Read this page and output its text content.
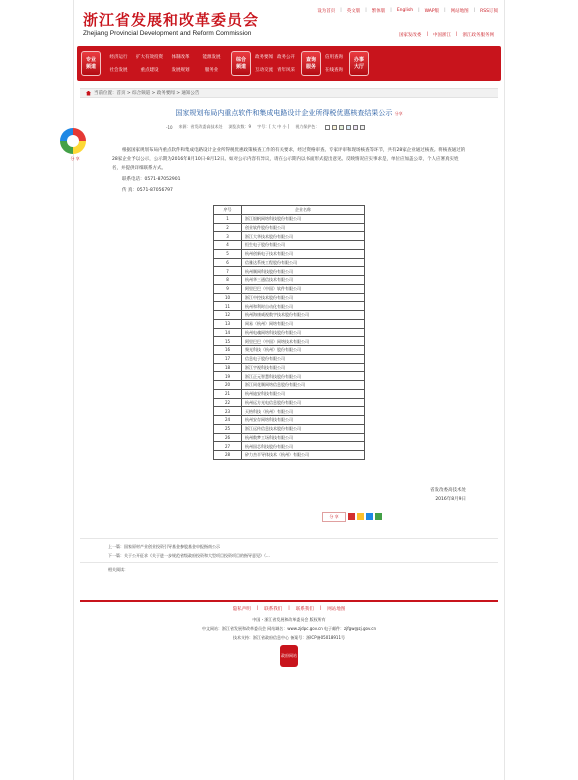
浙江省发展和改革委员会
Zhejiang Provincial Development and Reform Commission
设为首页 | 英文版 | 繁体版 | English | WAP版 | 网站地图 | RSS订阅
国家发改委 | 中国浙江 | 浙江政务服务网
专业
频道
经济运行	扩大有效投资	体制改革	能源发展
社会发展	重点建设	发展规划	服务业
综合
频道
政务要闻 政务公开
互动交流 青年风采
查询
服务
信用查询
在线查询
办事
大厅
当前位置：首页 > 综合频道 > 政务要闻 > 通知公告
国家规划布局内重点软件和集成电路设计企业所得税优惠核查结果公示 分享
-10 来源：省发改委高技术处 浏览次数：9 字号：[ 大 中 小 ] 视力保护色：
根据国家规划布局内重点软件和集成电路设计企业所得税优惠政策核查工作的有关要求，经过资格审查、专家评审和现场核查等环节，共有28家企业通过核查。将核查通过的28家企业予以公示，公示期为2016年8月10日-8月12日。如对公示内容有异议，请在公示期内以书面形式提出意见。反映情况应实事求是，单位应加盖公章，个人应署真实姓名，并提供详细联系方式。
联系电话：0571-87052901
传 真：0571-87056797
序号	企业名称
1	浙江银帆网络科技股份有限公司
2	创业软件股份有限公司
3	浙江大华技术股份有限公司
4	恒生电子股份有限公司
5	杭州创新电子技术有限公司
6	信雅达系统工程股份有限公司
7	杭州顺网科技股份有限公司
8	杭州华三通信技术有限公司
9	阿里巴巴（中国）软件有限公司
10	浙江中控技术股份有限公司
11	杭州和利时自动化有限公司
12	杭州海康威视数字技术股份有限公司
13	网易（杭州）网络有限公司
14	杭州电魂网络科技股份有限公司
15	阿里巴巴（中国）网络技术有限公司
16	聚光科技（杭州）股份有限公司
17	信息电子股份有限公司
18	浙江宇视科技有限公司
19	浙江正元智慧科技股份有限公司
20	浙江同花顺网络信息股份有限公司
21	杭州迪安科技有限公司
22	杭州远方光电信息股份有限公司
23	天格科技（杭州）有限公司
24	杭州安存网络科技有限公司
25	浙江远传信息技术股份有限公司
26	杭州数梦工场科技有限公司
27	杭州国芯科技股份有限公司
28	矽力杰半导体技术（杭州）有限公司
省发改委高技术处
2016年8月9日
分 享
上一篇：国家原材产业创业投资引导基金参股基金申报指南公示
下一篇：关于公开征求《关于进一步规范省级政府投资和大型项目投资项目的指导意见》（...
相关阅读：
隐私声明 | 联系我们 | 联系我们 | 网站地图
中国・浙江省发展和改革委员会 版权所有
中文网站：浙江省发展和改革委员会 网站域名：www.zjdpc.gov.cn 电子邮件：zjfgw@zj.gov.cn
技术支持：浙江省政府信息中心 备案号：浙ICP备05018911号
政府网站
分 享
